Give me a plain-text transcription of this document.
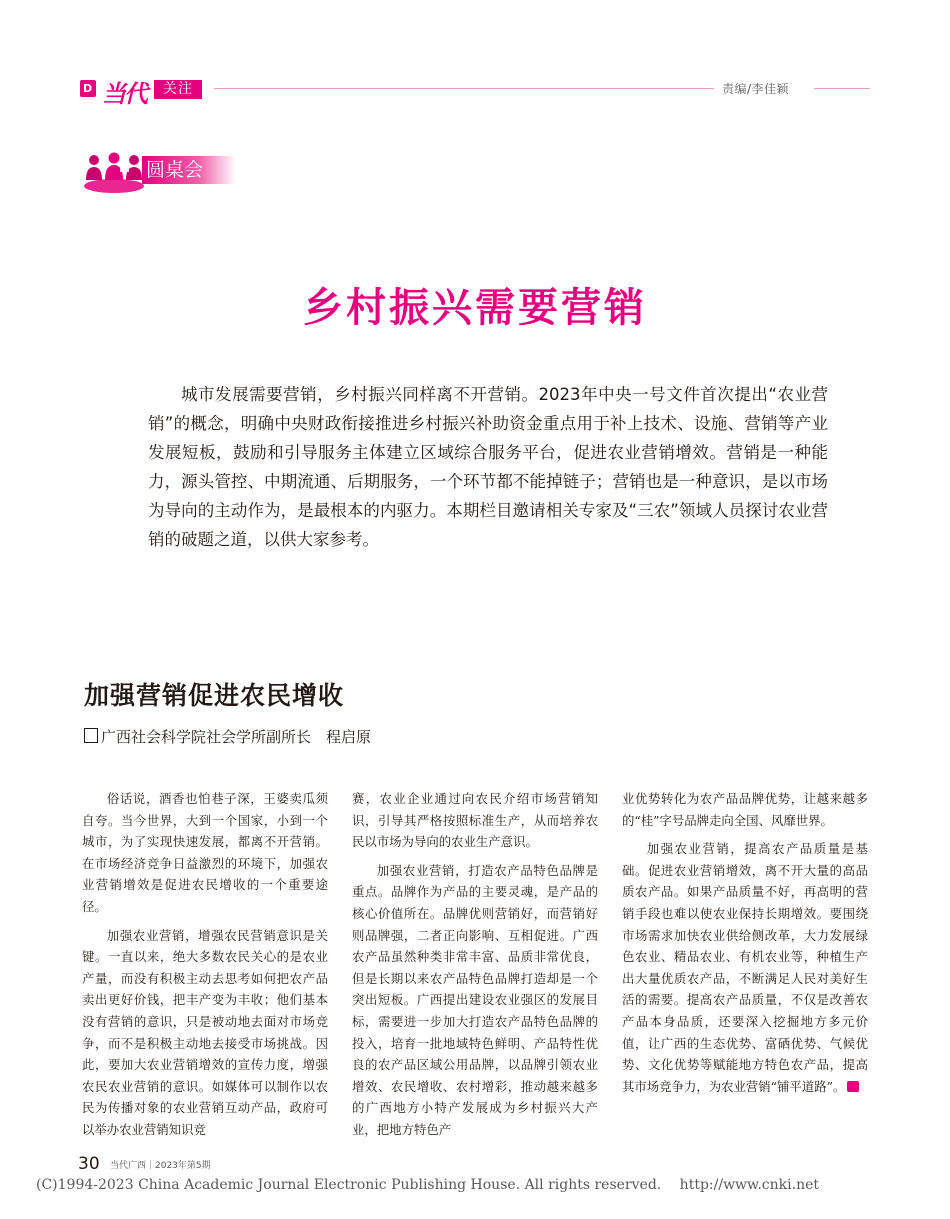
D 当代	关注	责编/李佳颖
圆桌会
乡村振兴需要营销

城市发展需要营销，乡村振兴同样离不开营销。2023年中央一号文件首次提出“农业营销”的概念，明确中央财政衔接推进乡村振兴补助资金重点用于补上技术、设施、营销等产业发展短板，鼓励和引导服务主体建立区域综合服务平台，促进农业营销增效。营销是一种能力，源头管控、中期流通、后期服务，一个环节都不能掉链子；营销也是一种意识，是以市场为导向的主动作为，是最根本的内驱力。本期栏目邀请相关专家及“三农”领域人员探讨农业营销的破题之道，以供大家参考。

加强营销促进农民增收
广西社会科学院社会学所副所长　程启原

俗话说，酒香也怕巷子深，王婆卖瓜须自夸。当今世界，大到一个国家，小到一个城市，为了实现快速发展，都离不开营销。在市场经济竞争日益激烈的环境下，加强农业营销增效是促进农民增收的一个重要途径。

加强农业营销，增强农民营销意识是关键。一直以来，绝大多数农民关心的是农业产量，而没有积极主动去思考如何把农产品卖出更好价钱，把丰产变为丰收；他们基本没有营销的意识，只是被动地去面对市场竞争，而不是积极主动地去接受市场挑战。因此，要加大农业营销增效的宣传力度，增强农民农业营销的意识。如媒体可以制作以农民为传播对象的农业营销互动产品，政府可以举办农业营销知识竞

赛，农业企业通过向农民介绍市场营销知识，引导其严格按照标准生产，从而培养农民以市场为导向的农业生产意识。

加强农业营销，打造农产品特色品牌是重点。品牌作为产品的主要灵魂，是产品的核心价值所在。品牌优则营销好，而营销好则品牌强，二者正向影响、互相促进。广西农产品虽然种类非常丰富、品质非常优良，但是长期以来农产品特色品牌打造却是一个突出短板。广西提出建设农业强区的发展目标，需要进一步加大打造农产品特色品牌的投入，培育一批地域特色鲜明、产品特性优良的农产品区域公用品牌，以品牌引领农业增效、农民增收、农村增彩，推动越来越多的广西地方小特产发展成为乡村振兴大产业，把地方特色产

业优势转化为农产品品牌优势，让越来越多的“桂”字号品牌走向全国、风靡世界。

加强农业营销，提高农产品质量是基础。促进农业营销增效，离不开大量的高品质农产品。如果产品质量不好，再高明的营销手段也难以使农业保持长期增效。要围绕市场需求加快农业供给侧改革，大力发展绿色农业、精品农业、有机农业等，种植生产出大量优质农产品，不断满足人民对美好生活的需要。提高农产品质量，不仅是改善农产品本身品质，还要深入挖掘地方多元价值，让广西的生态优势、富硒优势、气候优势、文化优势等赋能地方特色农产品，提高其市场竞争力，为农业营销“铺平道路”。

30 当代广西｜2023年第5期
(C)1994-2023 China Academic Journal Electronic Publishing House. All rights reserved.　 http://www.cnki.net
